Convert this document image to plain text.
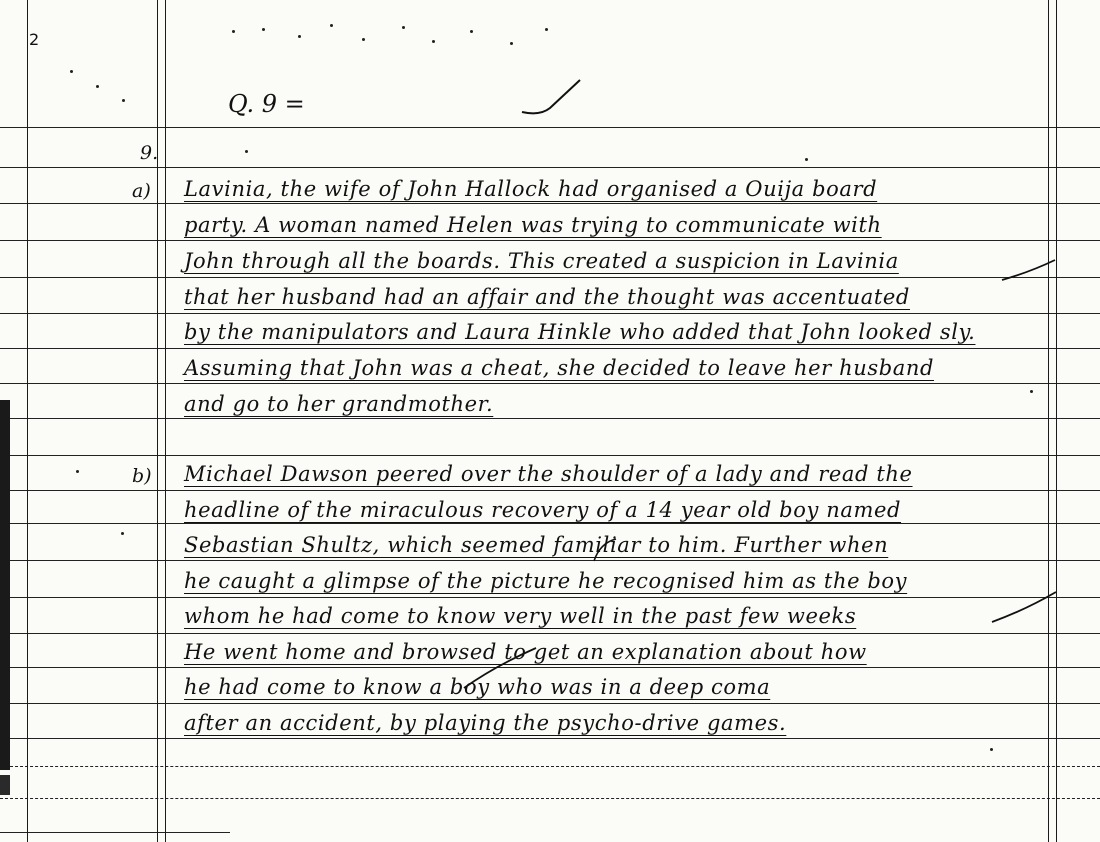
2
Q. 9 =
9.
a) Lavinia, the wife of John Hallock had organised a Ouija board
party. A woman named Helen was trying to communicate with
John through all the boards. This created a suspicion in Lavinia
that her husband had an affair and the thought was accentuated
by the manipulators and Laura Hinkle who added that John looked sly.
Assuming that John was a cheat, she decided to leave her husband
and go to her grandmother.
b) Michael Dawson peered over the shoulder of a lady and read the
headline of the miraculous recovery of a 14 year old boy named
Sebastian Shultz, which seemed familiar to him. Further when
he caught a glimpse of the picture he recognised him as the boy
whom he had come to know very well in the past few weeks
He went home and browsed to get an explanation about how
he had come to know a boy who was in a deep coma
after an accident, by playing the psycho-drive games.
